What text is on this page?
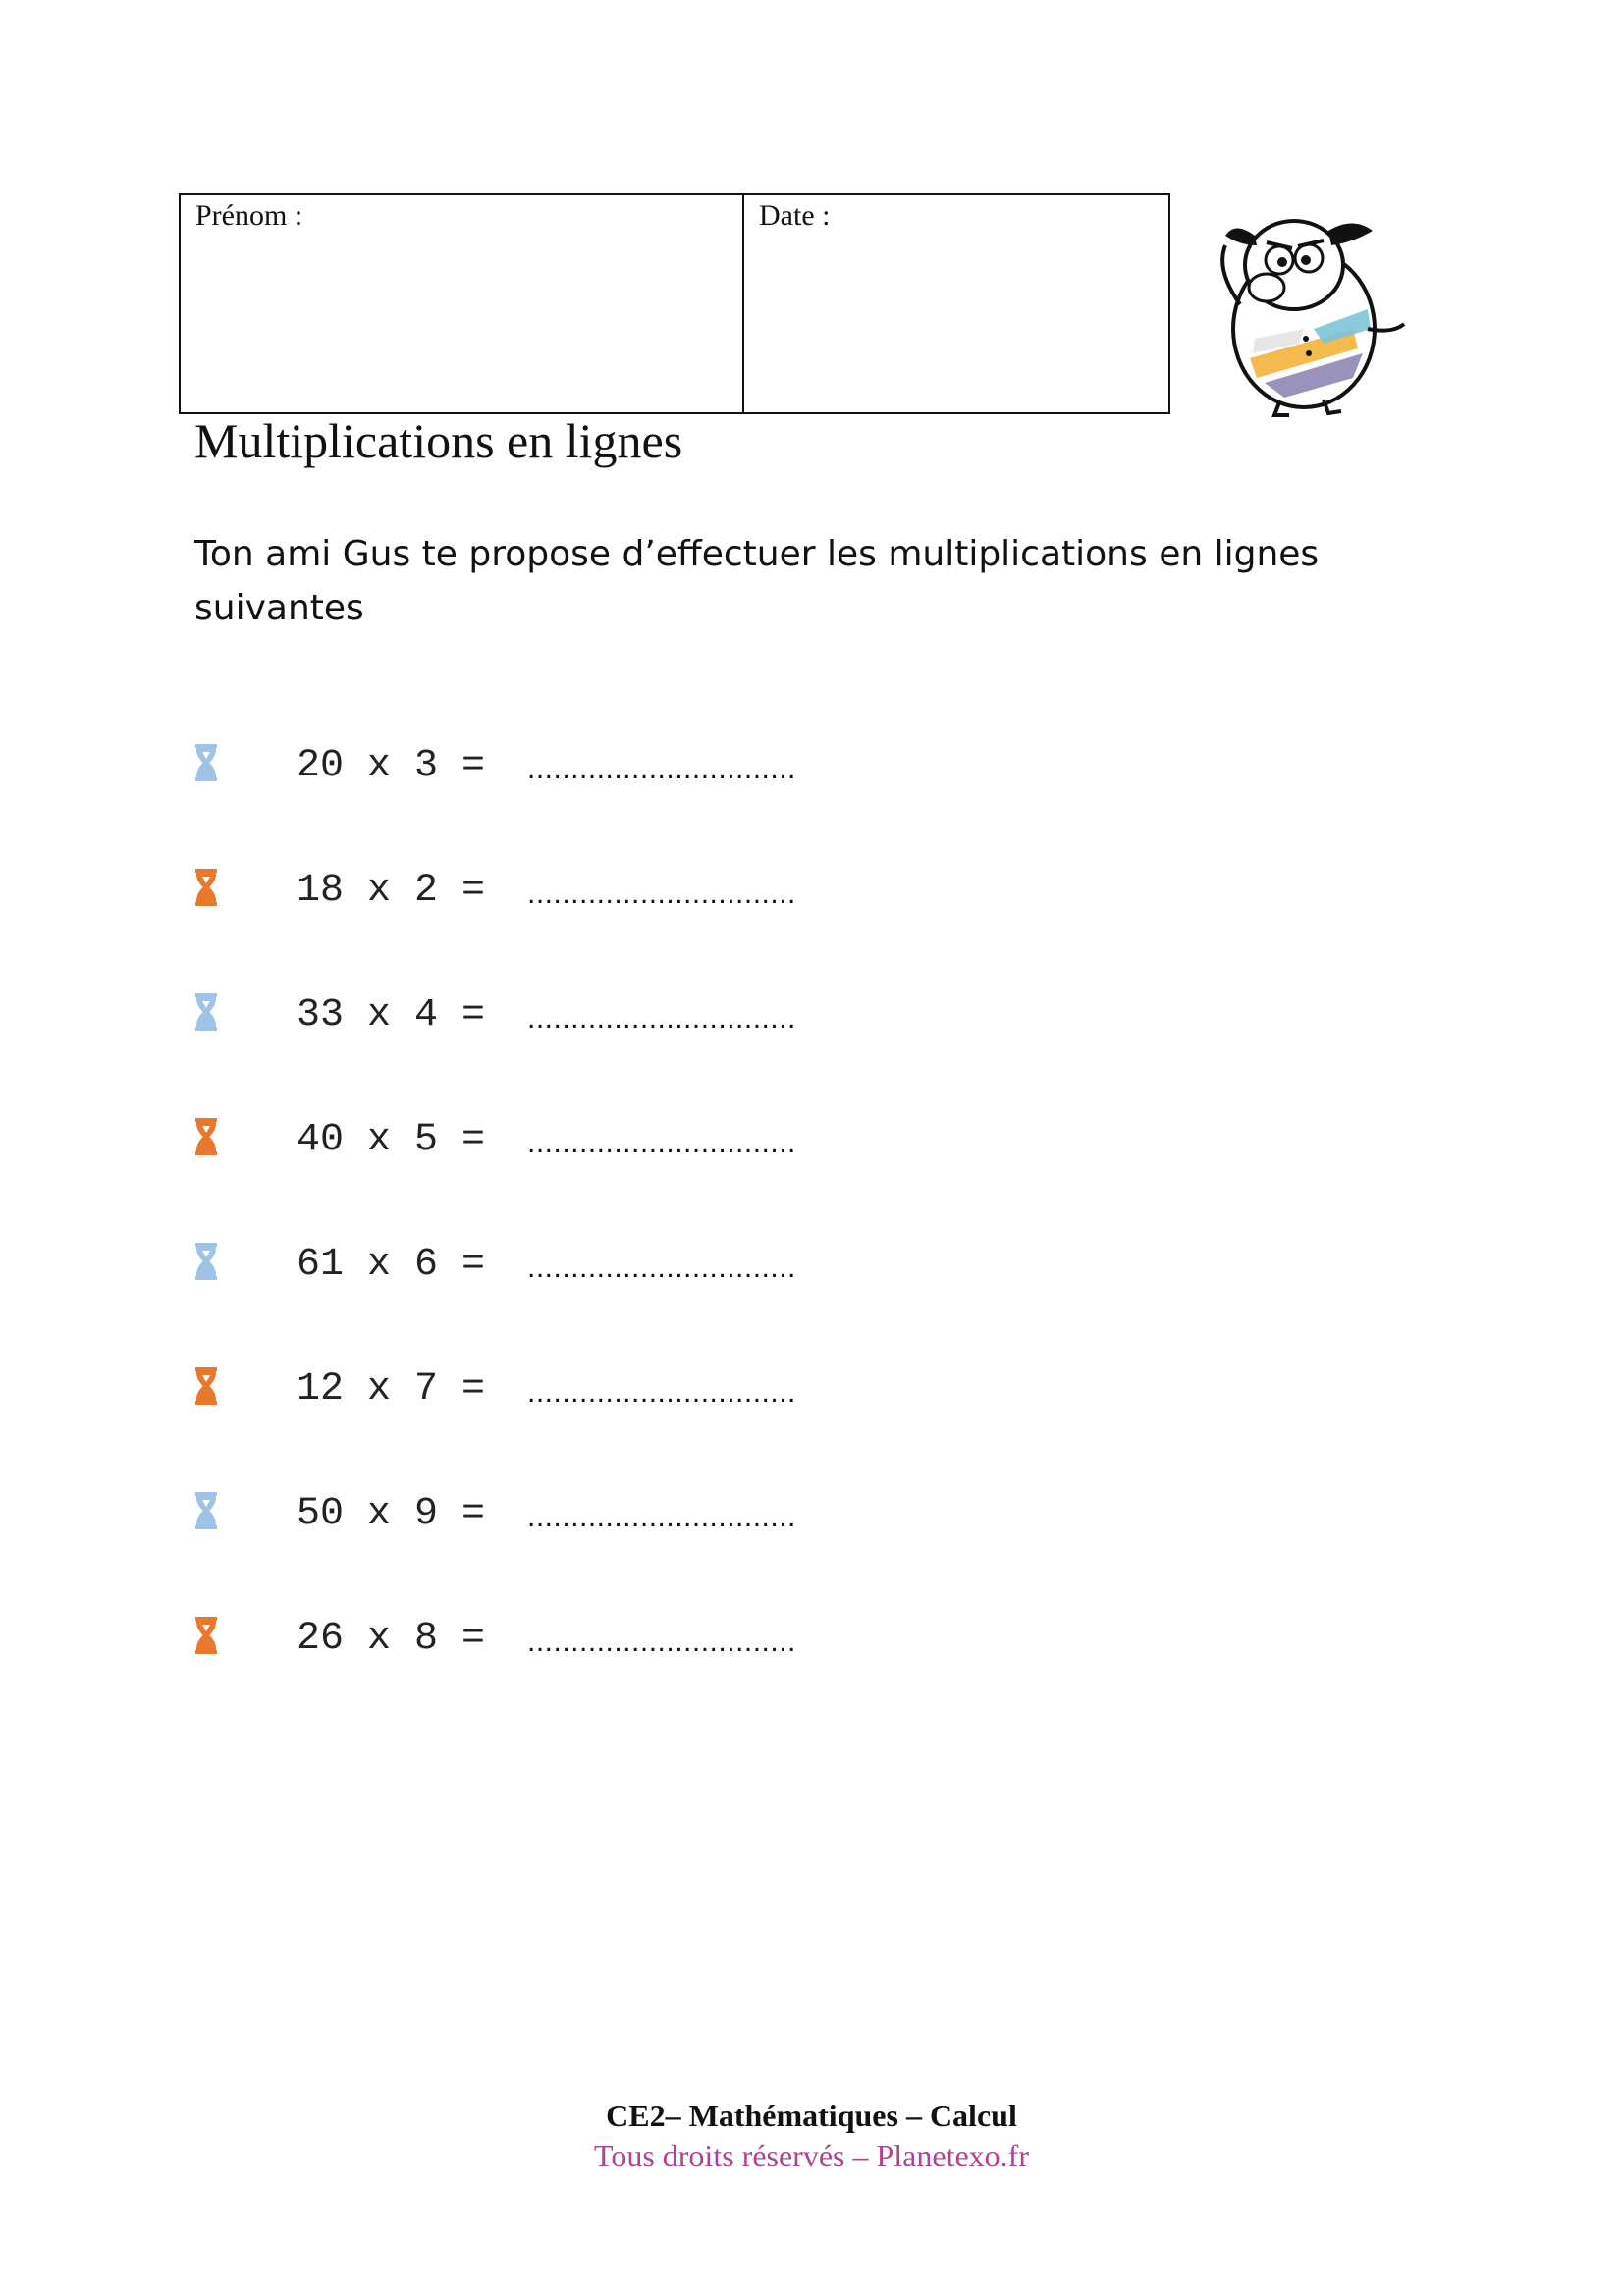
Prénom :	Date :
Multiplications en lignes
Ton ami Gus te propose d’effectuer les multiplications en lignes suivantes
20 x 3 =	...............................
18 x 2 =	...............................
33 x 4 =	...............................
40 x 5 =	...............................
61 x 6 =	...............................
12 x 7 =	...............................
50 x 9 =	...............................
26 x 8 =	...............................
CE2– Mathématiques – Calcul
Tous droits réservés – Planetexo.fr
